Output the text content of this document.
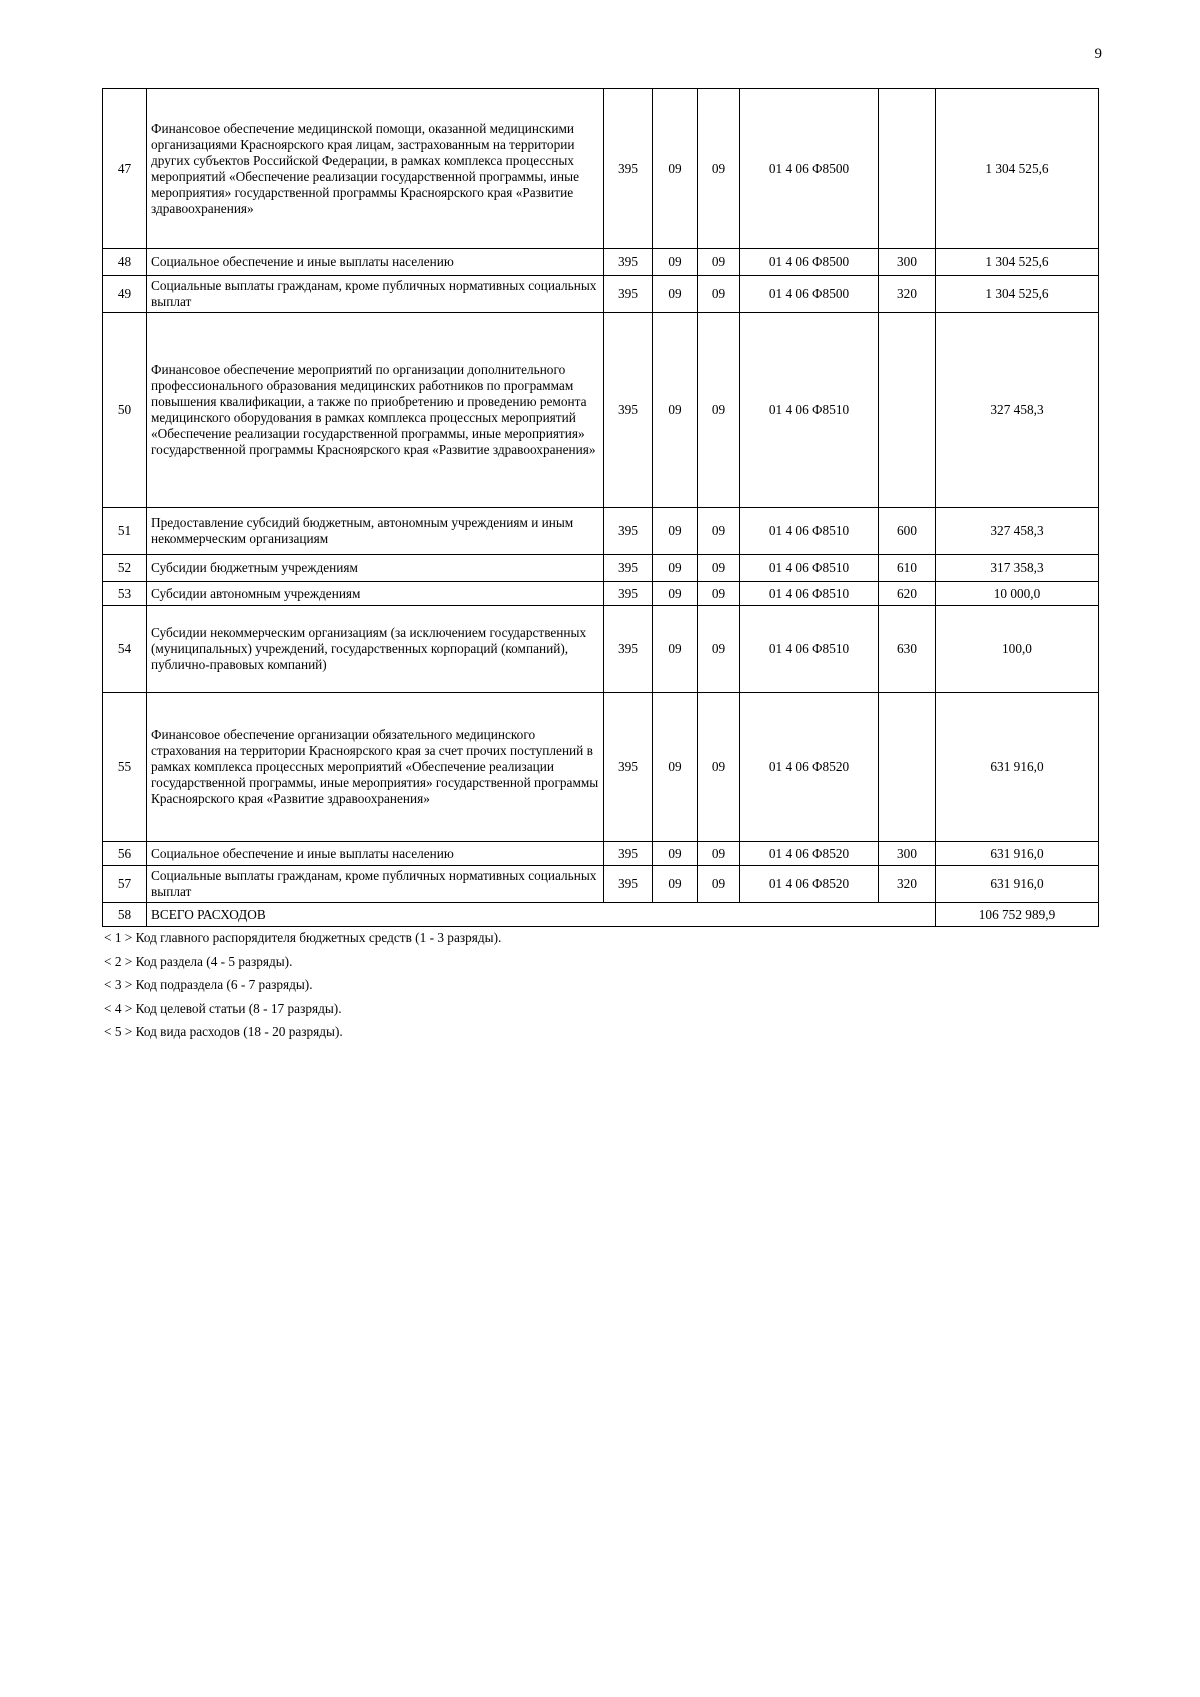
9
47	Финансовое обеспечение медицинской помощи, оказанной медицинскими организациями Красноярского края лицам, застрахованным на территории других субъектов Российской Федерации, в рамках комплекса процессных мероприятий «Обеспечение реализации государственной программы, иные мероприятия» государственной программы Красноярского края «Развитие здравоохранения»	395	09	09	01 4 06 Ф8500		1 304 525,6
48	Социальное обеспечение и иные выплаты населению	395	09	09	01 4 06 Ф8500	300	1 304 525,6
49	Социальные выплаты гражданам, кроме публичных нормативных социальных выплат	395	09	09	01 4 06 Ф8500	320	1 304 525,6
50	Финансовое обеспечение мероприятий по организации дополнительного профессионального образования медицинских работников по программам повышения квалификации, а также по приобретению и проведению ремонта медицинского оборудования в рамках комплекса процессных мероприятий «Обеспечение реализации государственной программы, иные мероприятия» государственной программы Красноярского края «Развитие здравоохранения»	395	09	09	01 4 06 Ф8510		327 458,3
51	Предоставление субсидий бюджетным, автономным учреждениям и иным некоммерческим организациям	395	09	09	01 4 06 Ф8510	600	327 458,3
52	Субсидии бюджетным учреждениям	395	09	09	01 4 06 Ф8510	610	317 358,3
53	Субсидии автономным учреждениям	395	09	09	01 4 06 Ф8510	620	10 000,0
54	Субсидии некоммерческим организациям (за исключением государственных (муниципальных) учреждений, государственных корпораций (компаний), публично-правовых компаний)	395	09	09	01 4 06 Ф8510	630	100,0
55	Финансовое обеспечение организации обязательного медицинского страхования на территории Красноярского края за счет прочих поступлений в рамках комплекса процессных мероприятий «Обеспечение реализации государственной программы, иные мероприятия» государственной программы Красноярского края «Развитие здравоохранения»	395	09	09	01 4 06 Ф8520		631 916,0
56	Социальное обеспечение и иные выплаты населению	395	09	09	01 4 06 Ф8520	300	631 916,0
57	Социальные выплаты гражданам, кроме публичных нормативных социальных выплат	395	09	09	01 4 06 Ф8520	320	631 916,0
58	ВСЕГО РАСХОДОВ						106 752 989,9
< 1 > Код главного распорядителя бюджетных средств (1 - 3 разряды).
< 2 > Код раздела (4 - 5 разряды).
< 3 > Код подраздела (6 - 7 разряды).
< 4 > Код целевой статьи (8 - 17 разряды).
< 5 > Код вида расходов (18 - 20 разряды).
